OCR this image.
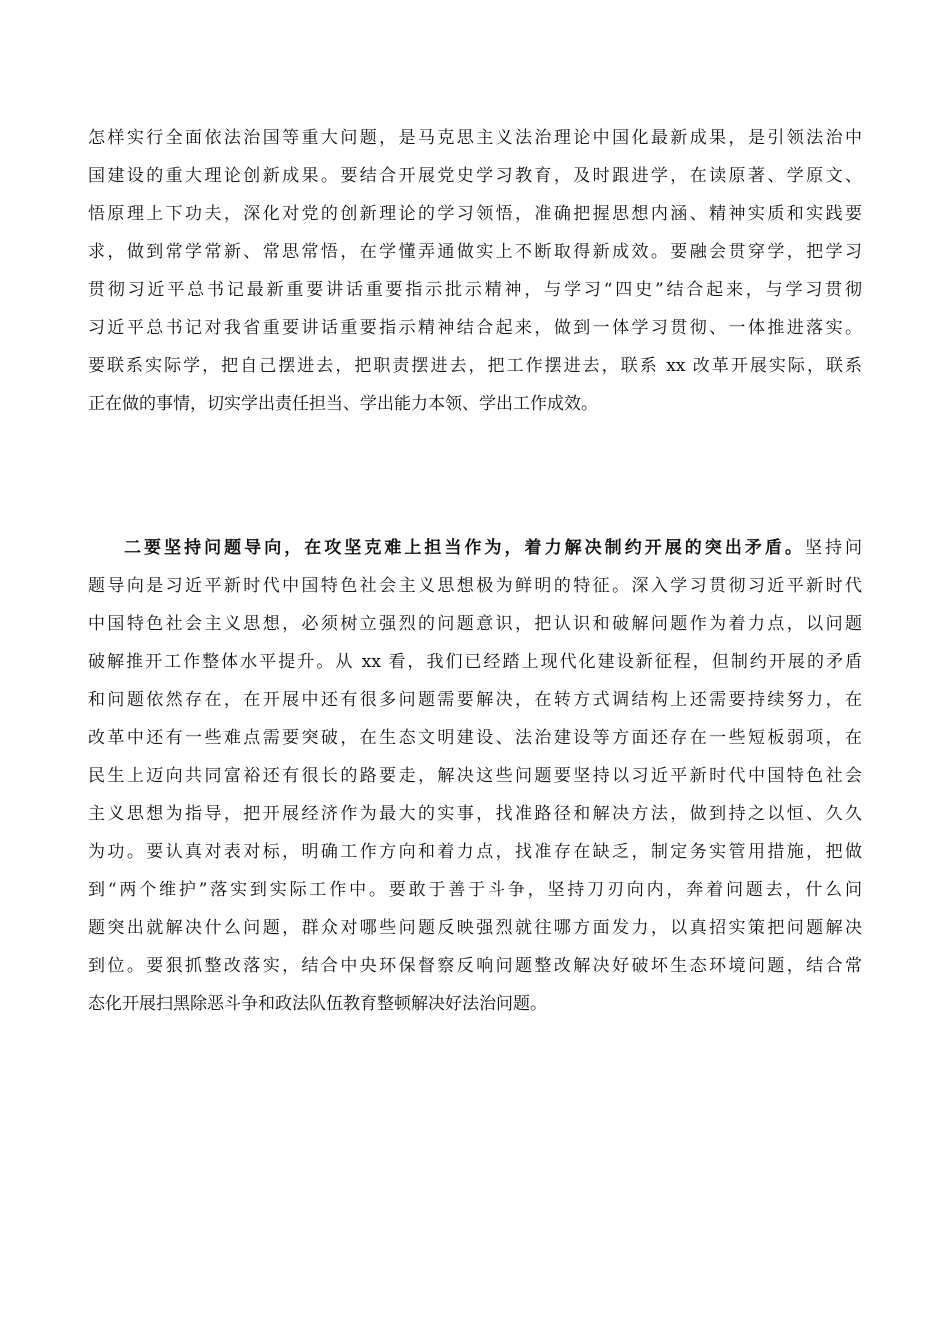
怎样实行全面依法治国等重大问题，是马克思主义法治理论中国化最新成果，是引领法治中
国建设的重大理论创新成果。要结合开展党史学习教育，及时跟进学，在读原著、学原文、
悟原理上下功夫，深化对党的创新理论的学习领悟，准确把握思想内涵、精神实质和实践要
求，做到常学常新、常思常悟，在学懂弄通做实上不断取得新成效。要融会贯穿学，把学习
贯彻习近平总书记最新重要讲话重要指示批示精神，与学习“四史”结合起来，与学习贯彻
习近平总书记对我省重要讲话重要指示精神结合起来，做到一体学习贯彻、一体推进落实。
要联系实际学，把自己摆进去，把职责摆进去，把工作摆进去，联系 xx 改革开展实际，联系
正在做的事情，切实学出责任担当、学出能力本领、学出工作成效。
二要坚持问题导向，在攻坚克难上担当作为，着力解决制约开展的突出矛盾。坚持问
题导向是习近平新时代中国特色社会主义思想极为鲜明的特征。深入学习贯彻习近平新时代
中国特色社会主义思想，必须树立强烈的问题意识，把认识和破解问题作为着力点，以问题
破解推开工作整体水平提升。从 xx 看，我们已经踏上现代化建设新征程，但制约开展的矛盾
和问题依然存在，在开展中还有很多问题需要解决，在转方式调结构上还需要持续努力，在
改革中还有一些难点需要突破，在生态文明建设、法治建设等方面还存在一些短板弱项，在
民生上迈向共同富裕还有很长的路要走，解决这些问题要坚持以习近平新时代中国特色社会
主义思想为指导，把开展经济作为最大的实事，找准路径和解决方法，做到持之以恒、久久
为功。要认真对表对标，明确工作方向和着力点，找准存在缺乏，制定务实管用措施，把做
到“两个维护”落实到实际工作中。要敢于善于斗争，坚持刀刃向内，奔着问题去，什么问
题突出就解决什么问题，群众对哪些问题反映强烈就往哪方面发力，以真招实策把问题解决
到位。要狠抓整改落实，结合中央环保督察反响问题整改解决好破坏生态环境问题，结合常
态化开展扫黑除恶斗争和政法队伍教育整顿解决好法治问题。
